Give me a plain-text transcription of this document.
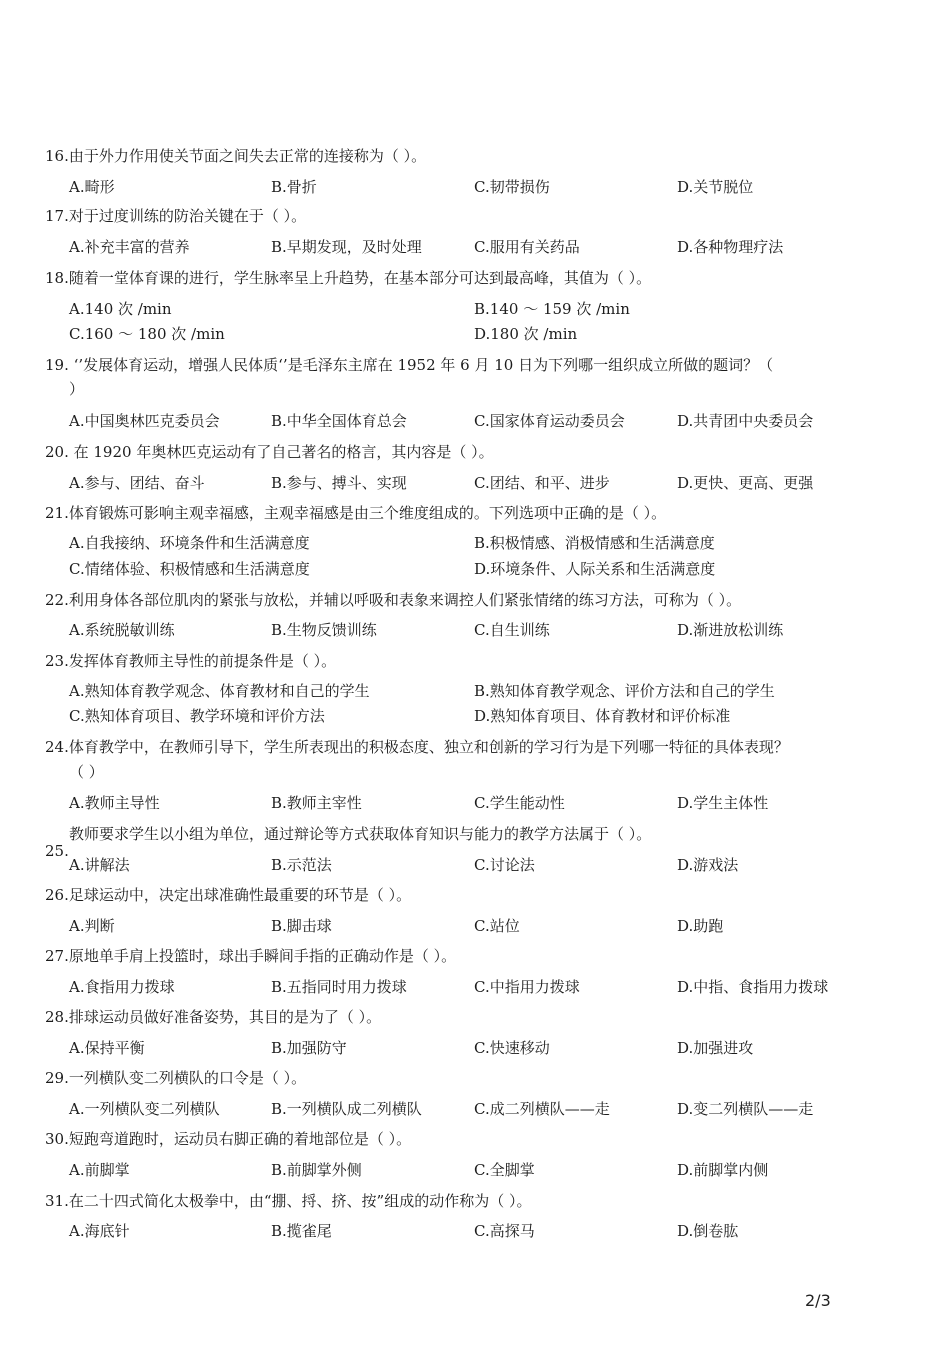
16.由于外力作用使关节面之间失去正常的连接称为（ ）。
A.畸形	B.骨折	C.韧带损伤	D.关节脱位
17.对于过度训练的防治关键在于（ ）。
A.补充丰富的营养	B.早期发现，及时处理	C.服用有关药品	D.各种物理疗法
18.随着一堂体育课的进行，学生脉率呈上升趋势，在基本部分可达到最高峰，其值为（ ）。
A.140 次 /min	B.140 ～ 159 次 /min
C.160 ～ 180 次 /min	D.180 次 /min
19. ‘’发展体育运动，增强人民体质‘’是毛泽东主席在 1952 年 6 月 10 日为下列哪一组织成立所做的题词？（
）
A.中国奥林匹克委员会	B.中华全国体育总会	C.国家体育运动委员会	D.共青团中央委员会
20. 在 1920 年奥林匹克运动有了自己著名的格言，其内容是（ ）。
A.参与、团结、奋斗	B.参与、搏斗、实现	C.团结、和平、进步	D.更快、更高、更强
21.体育锻炼可影响主观幸福感，主观幸福感是由三个维度组成的。下列选项中正确的是（ ）。
A.自我接纳、环境条件和生活满意度	B.积极情感、消极情感和生活满意度
C.情绪体验、积极情感和生活满意度	D.环境条件、人际关系和生活满意度
22.利用身体各部位肌肉的紧张与放松，并辅以呼吸和表象来调控人们紧张情绪的练习方法，可称为（ ）。
A.系统脱敏训练	B.生物反馈训练	C.自生训练	D.渐进放松训练
23.发挥体育教师主导性的前提条件是（ ）。
A.熟知体育教学观念、体育教材和自己的学生	B.熟知体育教学观念、评价方法和自己的学生
C.熟知体育项目、教学环境和评价方法	D.熟知体育项目、体育教材和评价标准
24.体育教学中，在教师引导下，学生所表现出的积极态度、独立和创新的学习行为是下列哪一特征的具体表现？
（ ）
A.教师主导性	B.教师主宰性	C.学生能动性	D.学生主体性
教师要求学生以小组为单位，通过辩论等方式获取体育知识与能力的教学方法属于（ ）。
25.
A.讲解法	B.示范法	C.讨论法	D.游戏法
26.足球运动中，决定出球准确性最重要的环节是（ ）。
A.判断	B.脚击球	C.站位	D.助跑
27.原地单手肩上投篮时，球出手瞬间手指的正确动作是（ ）。
A.食指用力拨球	B.五指同时用力拨球	C.中指用力拨球	D.中指、食指用力拨球
28.排球运动员做好准备姿势，其目的是为了（ ）。
A.保持平衡	B.加强防守	C.快速移动	D.加强进攻
29.一列横队变二列横队的口令是（ ）。
A.一列横队变二列横队	B.一列横队成二列横队	C.成二列横队——走	D.变二列横队——走
30.短跑弯道跑时，运动员右脚正确的着地部位是（ ）。
A.前脚掌	B.前脚掌外侧	C.全脚掌	D.前脚掌内侧
31.在二十四式简化太极拳中，由“掤、捋、挤、按”组成的动作称为（ ）。
A.海底针	B.揽雀尾	C.高探马	D.倒卷肱
2/3
